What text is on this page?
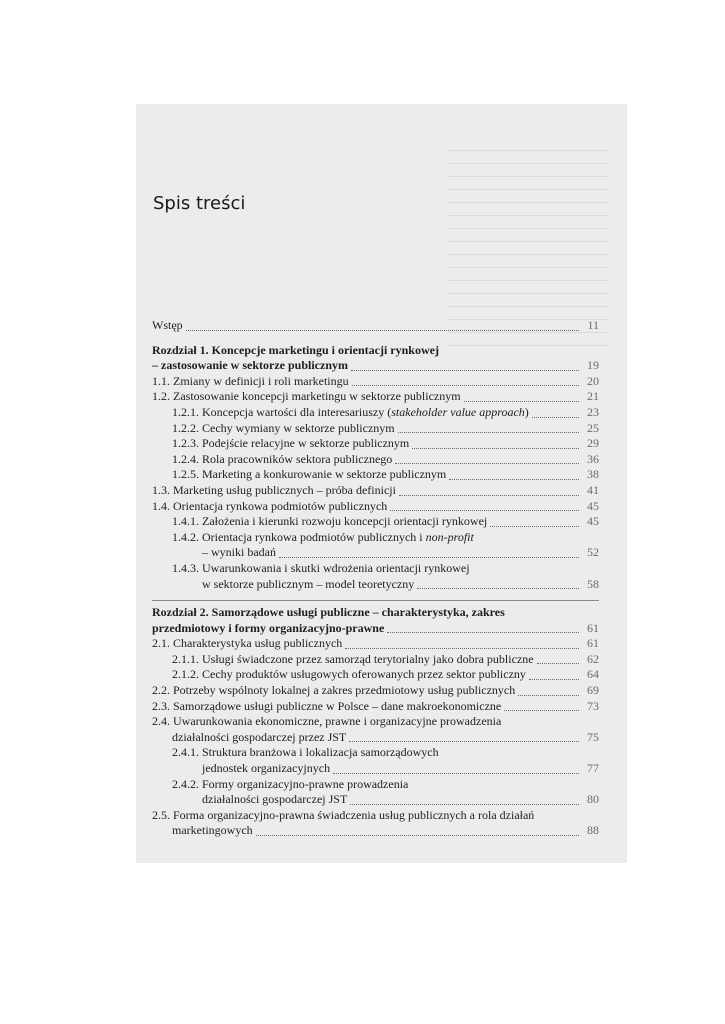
Spis treści
Wstęp	11
Rozdział 1. Koncepcje marketingu i orientacji rynkowej
– zastosowanie w sektorze publicznym	19
1.1. Zmiany w definicji i roli marketingu	20
1.2. Zastosowanie koncepcji marketingu w sektorze publicznym	21
1.2.1. Koncepcja wartości dla interesariuszy (stakeholder value approach)	23
1.2.2. Cechy wymiany w sektorze publicznym	25
1.2.3. Podejście relacyjne w sektorze publicznym	29
1.2.4. Rola pracowników sektora publicznego	36
1.2.5. Marketing a konkurowanie w sektorze publicznym	38
1.3. Marketing usług publicznych – próba definicji	41
1.4. Orientacja rynkowa podmiotów publicznych	45
1.4.1. Założenia i kierunki rozwoju koncepcji orientacji rynkowej	45
1.4.2. Orientacja rynkowa podmiotów publicznych i non-profit
– wyniki badań	52
1.4.3. Uwarunkowania i skutki wdrożenia orientacji rynkowej
w sektorze publicznym – model teoretyczny	58
Rozdział 2. Samorządowe usługi publiczne – charakterystyka, zakres
przedmiotowy i formy organizacyjno-prawne	61
2.1. Charakterystyka usług publicznych	61
2.1.1. Usługi świadczone przez samorząd terytorialny jako dobra publiczne	62
2.1.2. Cechy produktów usługowych oferowanych przez sektor publiczny	64
2.2. Potrzeby wspólnoty lokalnej a zakres przedmiotowy usług publicznych	69
2.3. Samorządowe usługi publiczne w Polsce – dane makroekonomiczne	73
2.4. Uwarunkowania ekonomiczne, prawne i organizacyjne prowadzenia
działalności gospodarczej przez JST	75
2.4.1. Struktura branżowa i lokalizacja samorządowych
jednostek organizacyjnych	77
2.4.2. Formy organizacyjno-prawne prowadzenia
działalności gospodarczej JST	80
2.5. Forma organizacyjno-prawna świadczenia usług publicznych a rola działań
marketingowych	88
